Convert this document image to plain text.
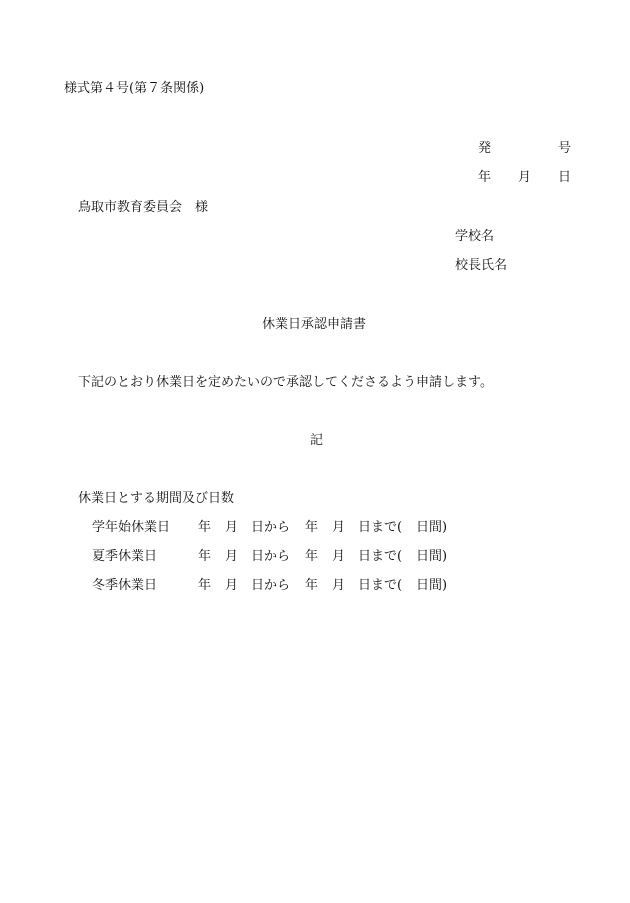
様式第４号(第７条関係)
発	号
年 月 日
鳥取市教育委員会　様
学校名
校長氏名
休業日承認申請書
下記のとおり休業日を定めたいので承認してくださるよう申請します。
記
休業日とする期間及び日数
学年始休業日 年 月 日から 年 月 日まで( 日間)
夏季休業日	年 月 日から 年 月 日まで( 日間)
冬季休業日	年 月 日から 年 月 日まで( 日間)
